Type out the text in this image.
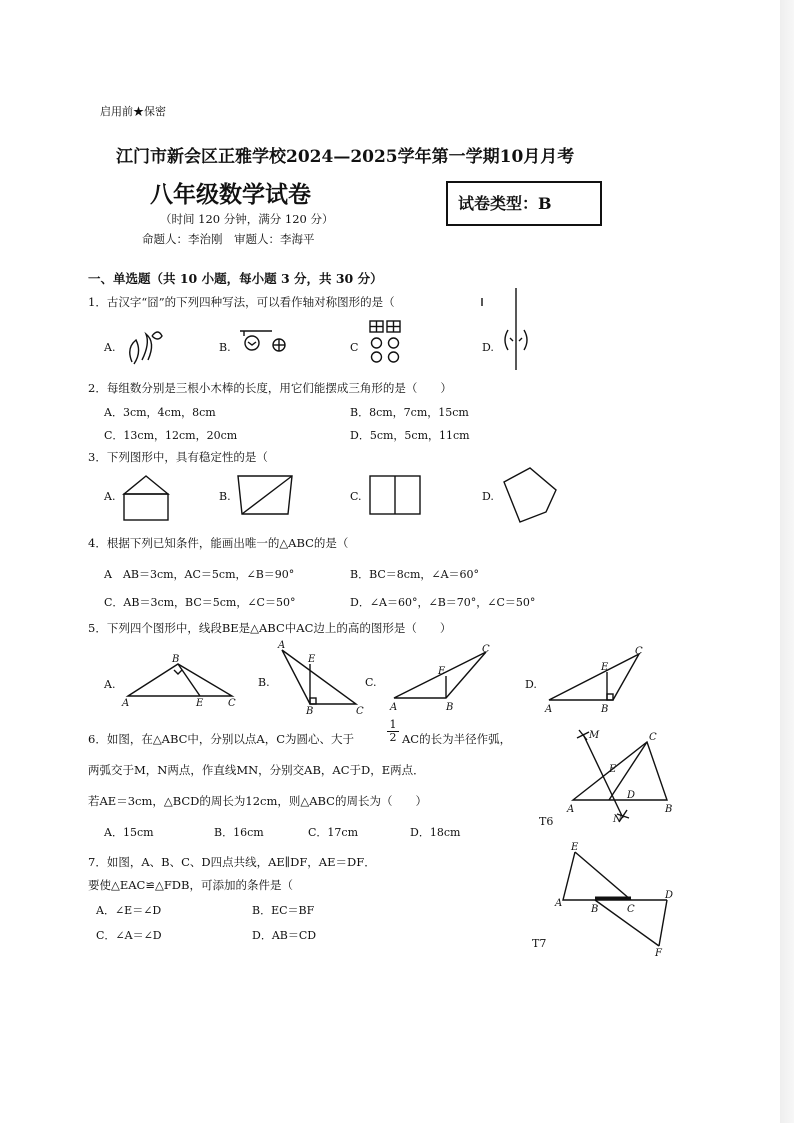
启用前★保密
江门市新会区正雅学校2024—2025学年第一学期10月月考
八年级数学试卷
（时间 120 分钟，满分 120 分）
命题人：李治刚　审题人：李海平
试卷类型：B
一、单选题（共 10 小题，每小题 3 分，共 30 分）
1．古汉字“囧”的下列四种写法，可以看作轴对称图形的是（
A.	B.	C	D.
2．每组数分别是三根小木棒的长度，用它们能摆成三角形的是（　　）
A．3cm，4cm，8cm	B．8cm，7cm，15cm
C．13cm，12cm，20cm	D．5cm，5cm，11cm
3．下列图形中，具有稳定性的是（
A.	B.	C.	D.
4．根据下列已知条件，能画出唯一的△ABC的是（
A　AB＝3cm，AC＝5cm，∠B＝90°	B．BC＝8cm，∠A＝60°
C．AB＝3cm，BC＝5cm，∠C＝50°	D．∠A＝60°，∠B＝70°，∠C＝50°
5．下列四个图形中，线段BE是△ABC中AC边上的高的图形是（　　）
A.	B.	C.	D.
B
A	E C
A
E
B	C
C
E
A	B
C
E
A	B
6．如图，在△ABC中，分别以点A，C为圆心、大于	$\frac{1}{2}$ AC的长为半径作弧，
两弧交于M，N两点，作直线MN，分别交AB，AC于D，E两点．
若AE＝3cm，△BCD的周长为12cm，则△ABC的周长为（　　）
A．15cm	B．16cm	C．17cm	D．18cm
M	C
E
D
A	B
N
T6
7．如图，A、B、C、D四点共线，AE∥DF，AE＝DF．
要使△EAC≌△FDB，可添加的条件是（
A．∠E＝∠D	B．EC＝BF
C．∠A＝∠D	D．AB＝CD
E
A
B	C
D
F
T7
